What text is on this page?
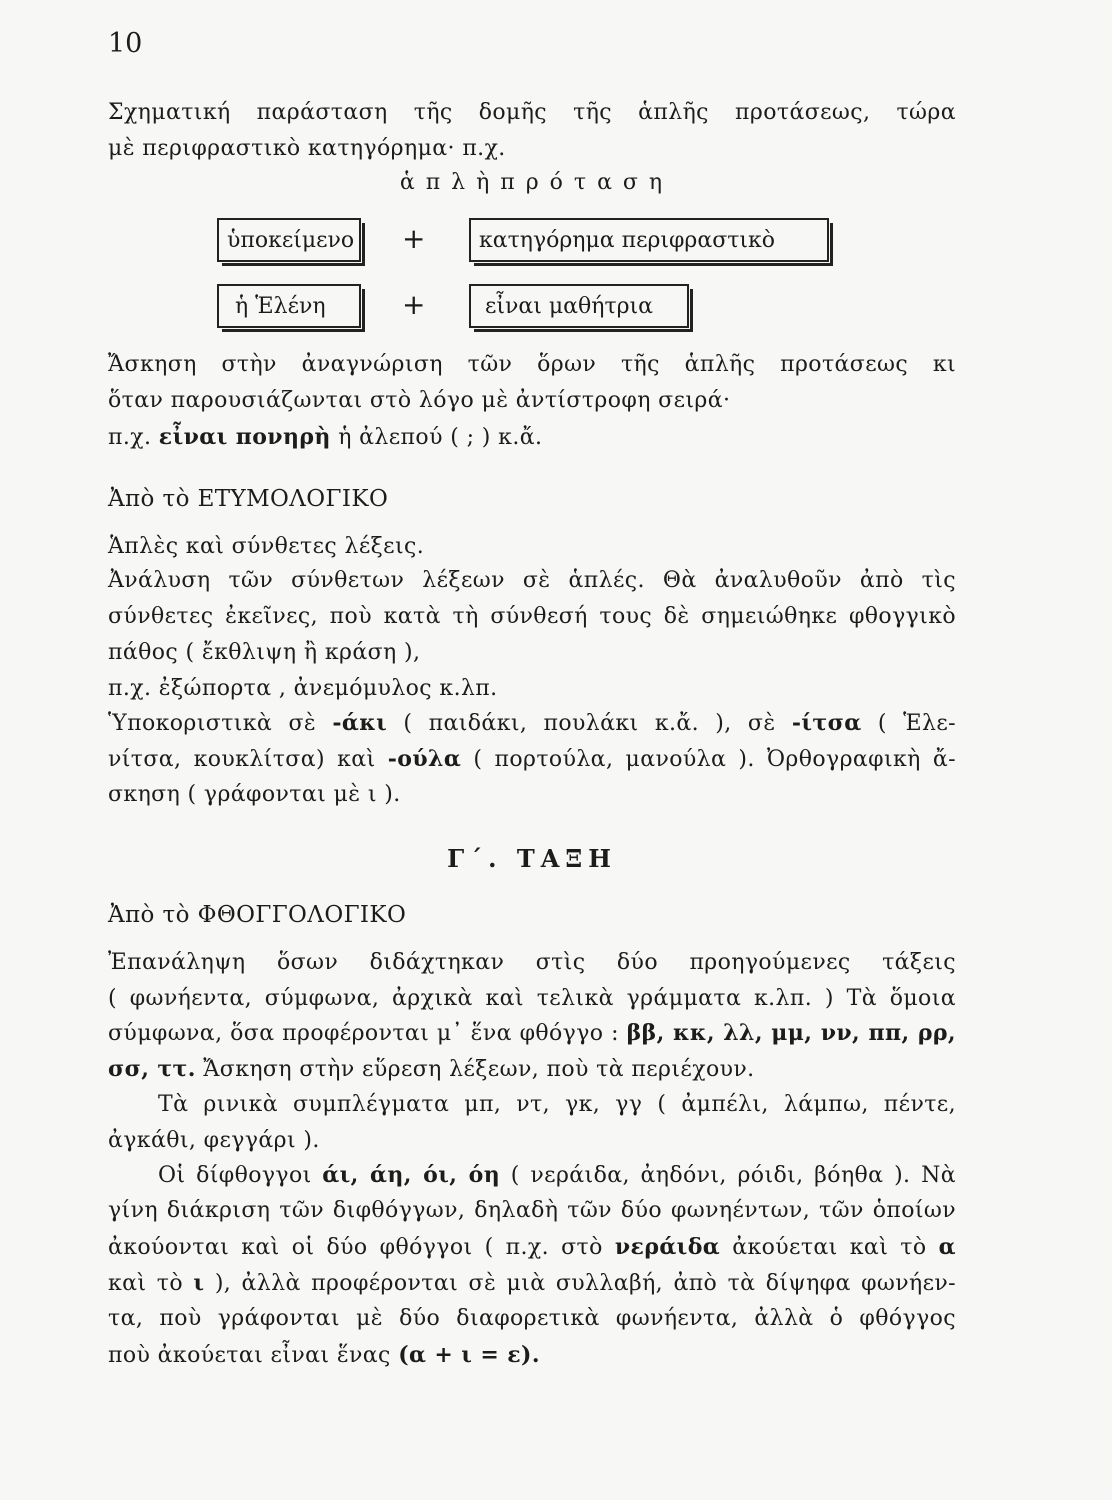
10
Σχηματική παράσταση τῆς δομῆς τῆς ἁπλῆς προτάσεως, τώρα
μὲ περιφραστικὸ κατηγόρημα· π.χ.
ἁ π λ ὴ π ρ ό τ α σ η
ὑποκείμενο + κατηγόρημα περιφραστικὸ
ἡ Ἑλένη	+	εἶναι μαθήτρια
Ἄσκηση στὴν ἀναγνώριση τῶν ὅρων τῆς ἁπλῆς προτάσεως κι
ὅταν παρουσιάζωνται στὸ λόγο μὲ ἀντίστροφη σειρά·
π.χ. εἶναι πονηρὴ ἡ ἀλεπού ( ; ) κ.ἄ.
Ἀπὸ τὸ ΕΤΥΜΟΛΟΓΙΚΟ
Ἁπλὲς καὶ σύνθετες λέξεις.
Ἀνάλυση τῶν σύνθετων λέξεων σὲ ἁπλές. Θὰ ἀναλυθοῦν ἀπὸ τὶς
σύνθετες ἐκεῖνες, ποὺ κατὰ τὴ σύνθεσή τους δὲ σημειώθηκε φθογγικὸ
πάθος ( ἔκθλιψη ἢ κράση ),
π.χ. ἐξώπορτα , ἀνεμόμυλος κ.λπ.
Ὑποκοριστικὰ σὲ -άκι ( παιδάκι, πουλάκι κ.ἄ. ), σὲ -ίτσα ( Ἑλε-
νίτσα, κουκλίτσα) καὶ -ούλα ( πορτούλα, μανούλα ). Ὀρθογραφικὴ ἄ-
σκηση ( γράφονται μὲ ι ).
Γ΄. ΤΑΞΗ
Ἀπὸ τὸ ΦΘΟΓΓΟΛΟΓΙΚΟ
Ἐπανάληψη ὅσων διδάχτηκαν στὶς δύο προηγούμενες τάξεις
( φωνήεντα, σύμφωνα, ἀρχικὰ καὶ τελικὰ γράμματα κ.λπ. ) Τὰ ὅμοια
σύμφωνα, ὅσα προφέρονται μ᾿ ἕνα φθόγγο : ββ, κκ, λλ, μμ, νν, ππ, ρρ,
σσ, ττ. Ἄσκηση στὴν εὕρεση λέξεων, ποὺ τὰ περιέχουν.
Τὰ ρινικὰ συμπλέγματα μπ, ντ, γκ, γγ ( ἀμπέλι, λάμπω, πέντε,
ἀγκάθι, φεγγάρι ).
Οἱ δίφθογγοι άι, άη, όι, όη ( νεράιδα, ἀηδόνι, ρόιδι, βόηθα ). Νὰ
γίνη διάκριση τῶν διφθόγγων, δηλαδὴ τῶν δύο φωνηέντων, τῶν ὁποίων
ἀκούονται καὶ οἱ δύο φθόγγοι ( π.χ. στὸ νεράιδα ἀκούεται καὶ τὸ α
καὶ τὸ ι ), ἀλλὰ προφέρονται σὲ μιὰ συλλαβή, ἀπὸ τὰ δίψηφα φωνήεν-
τα, ποὺ γράφονται μὲ δύο διαφορετικὰ φωνήεντα, ἀλλὰ ὁ φθόγγος
ποὺ ἀκούεται εἶναι ἕνας (α + ι = ε).
